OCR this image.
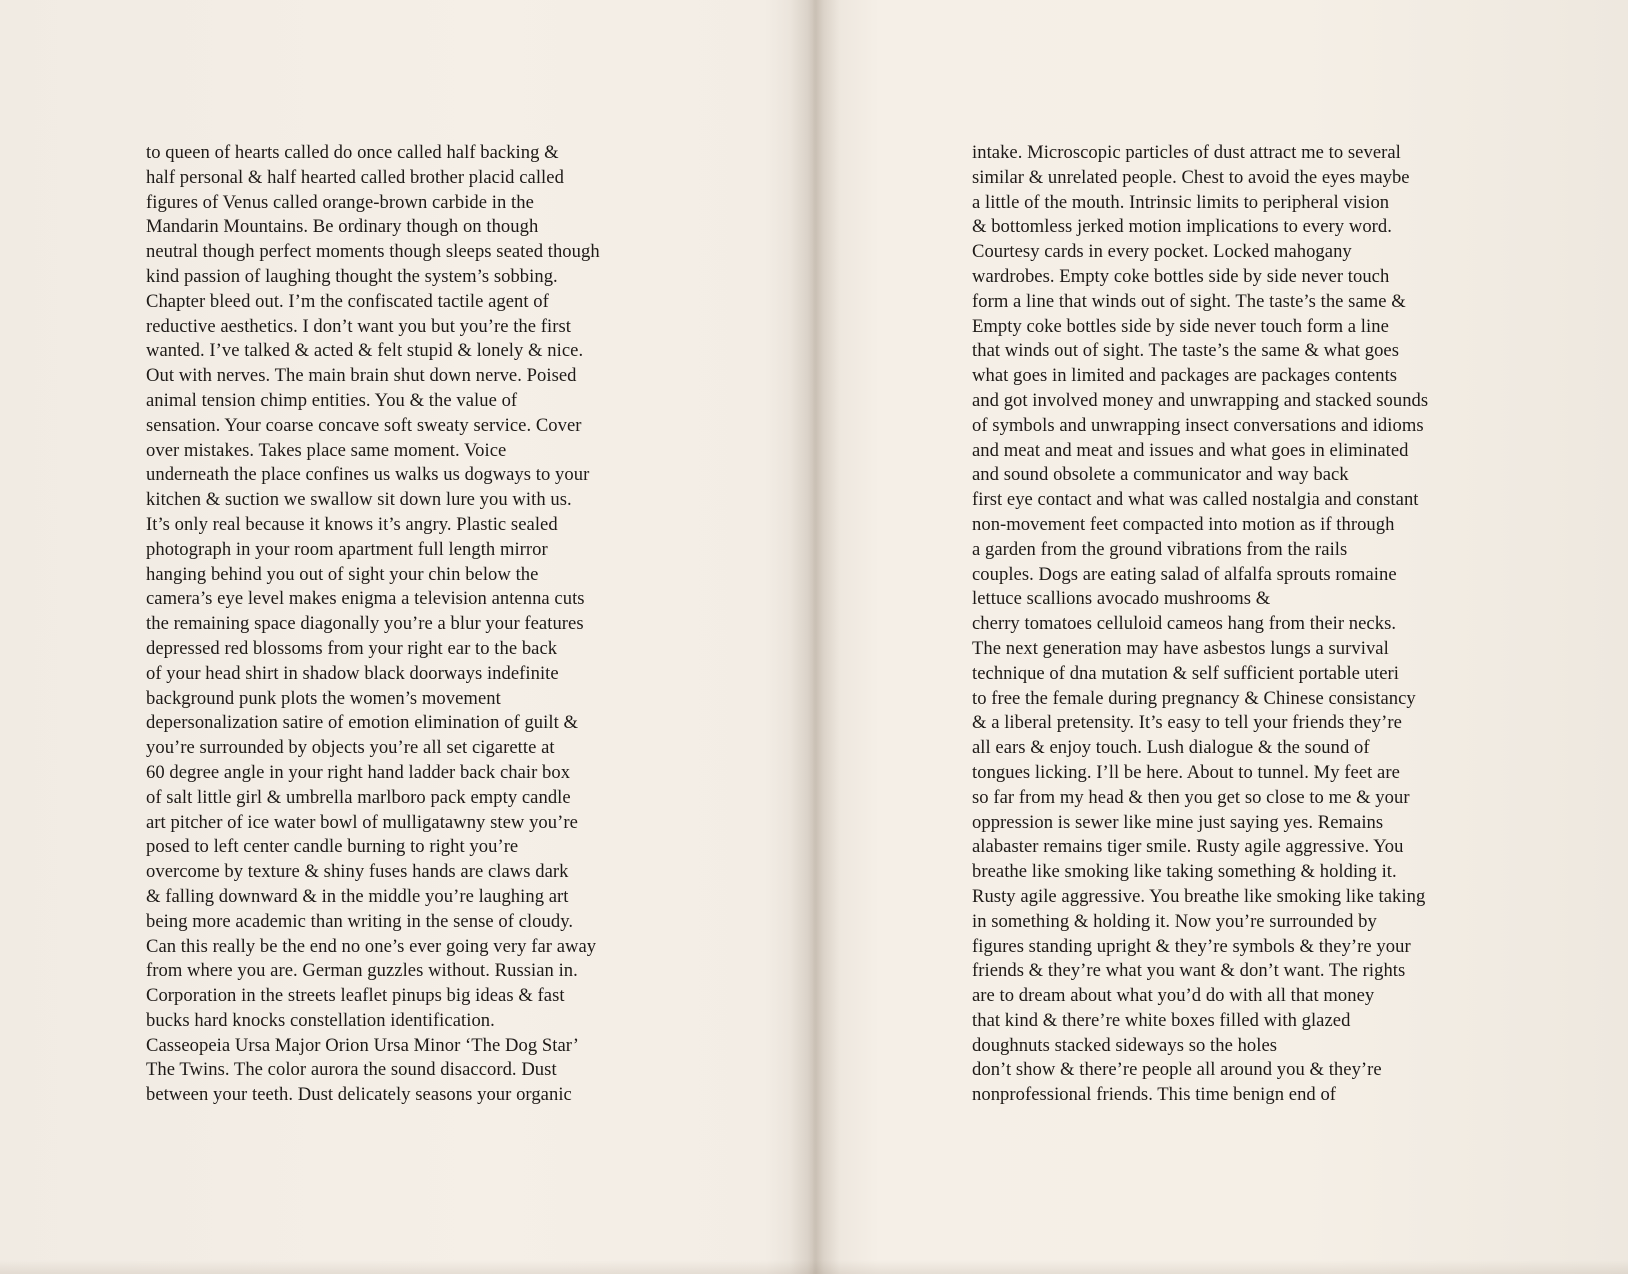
to queen of hearts called do once called half backing &
half personal & half hearted called brother placid called
figures of Venus called orange-brown carbide in the
Mandarin Mountains. Be ordinary though on though
neutral though perfect moments though sleeps seated though
kind passion of laughing thought the system’s sobbing.
Chapter bleed out. I’m the confiscated tactile agent of
reductive aesthetics. I don’t want you but you’re the first
wanted. I’ve talked & acted & felt stupid & lonely & nice.
Out with nerves. The main brain shut down nerve. Poised
animal tension chimp entities. You & the value of
sensation. Your coarse concave soft sweaty service. Cover
over mistakes. Takes place same moment. Voice
underneath the place confines us walks us dogways to your
kitchen & suction we swallow sit down lure you with us.
It’s only real because it knows it’s angry. Plastic sealed
photograph in your room apartment full length mirror
hanging behind you out of sight your chin below the
camera’s eye level makes enigma a television antenna cuts
the remaining space diagonally you’re a blur your features
depressed red blossoms from your right ear to the back
of your head shirt in shadow black doorways indefinite
background punk plots the women’s movement
depersonalization satire of emotion elimination of guilt &
you’re surrounded by objects you’re all set cigarette at
60 degree angle in your right hand ladder back chair box
of salt little girl & umbrella marlboro pack empty candle
art pitcher of ice water bowl of mulligatawny stew you’re
posed to left center candle burning to right you’re
overcome by texture & shiny fuses hands are claws dark
& falling downward & in the middle you’re laughing art
being more academic than writing in the sense of cloudy.
Can this really be the end no one’s ever going very far away
from where you are. German guzzles without. Russian in.
Corporation in the streets leaflet pinups big ideas & fast
bucks hard knocks constellation identification.
Casseopeia Ursa Major Orion Ursa Minor ‘The Dog Star’
The Twins. The color aurora the sound disaccord. Dust
between your teeth. Dust delicately seasons your organic
intake. Microscopic particles of dust attract me to several
similar & unrelated people. Chest to avoid the eyes maybe
a little of the mouth. Intrinsic limits to peripheral vision
& bottomless jerked motion implications to every word.
Courtesy cards in every pocket. Locked mahogany
wardrobes. Empty coke bottles side by side never touch
form a line that winds out of sight. The taste’s the same &
Empty coke bottles side by side never touch form a line
that winds out of sight. The taste’s the same & what goes
what goes in limited and packages are packages contents
and got involved money and unwrapping and stacked sounds
of symbols and unwrapping insect conversations and idioms
and meat and meat and issues and what goes in eliminated
and sound obsolete a communicator and way back
first eye contact and what was called nostalgia and constant
non-movement feet compacted into motion as if through
a garden from the ground vibrations from the rails
couples. Dogs are eating salad of alfalfa sprouts romaine
lettuce scallions avocado mushrooms &
cherry tomatoes celluloid cameos hang from their necks.
The next generation may have asbestos lungs a survival
technique of dna mutation & self sufficient portable uteri
to free the female during pregnancy & Chinese consistancy
& a liberal pretensity. It’s easy to tell your friends they’re
all ears & enjoy touch. Lush dialogue & the sound of
tongues licking. I’ll be here. About to tunnel. My feet are
so far from my head & then you get so close to me & your
oppression is sewer like mine just saying yes. Remains
alabaster remains tiger smile. Rusty agile aggressive. You
breathe like smoking like taking something & holding it.
Rusty agile aggressive. You breathe like smoking like taking
in something & holding it. Now you’re surrounded by
figures standing upright & they’re symbols & they’re your
friends & they’re what you want & don’t want. The rights
are to dream about what you’d do with all that money
that kind & there’re white boxes filled with glazed
doughnuts stacked sideways so the holes
don’t show & there’re people all around you & they’re
nonprofessional friends. This time benign end of
